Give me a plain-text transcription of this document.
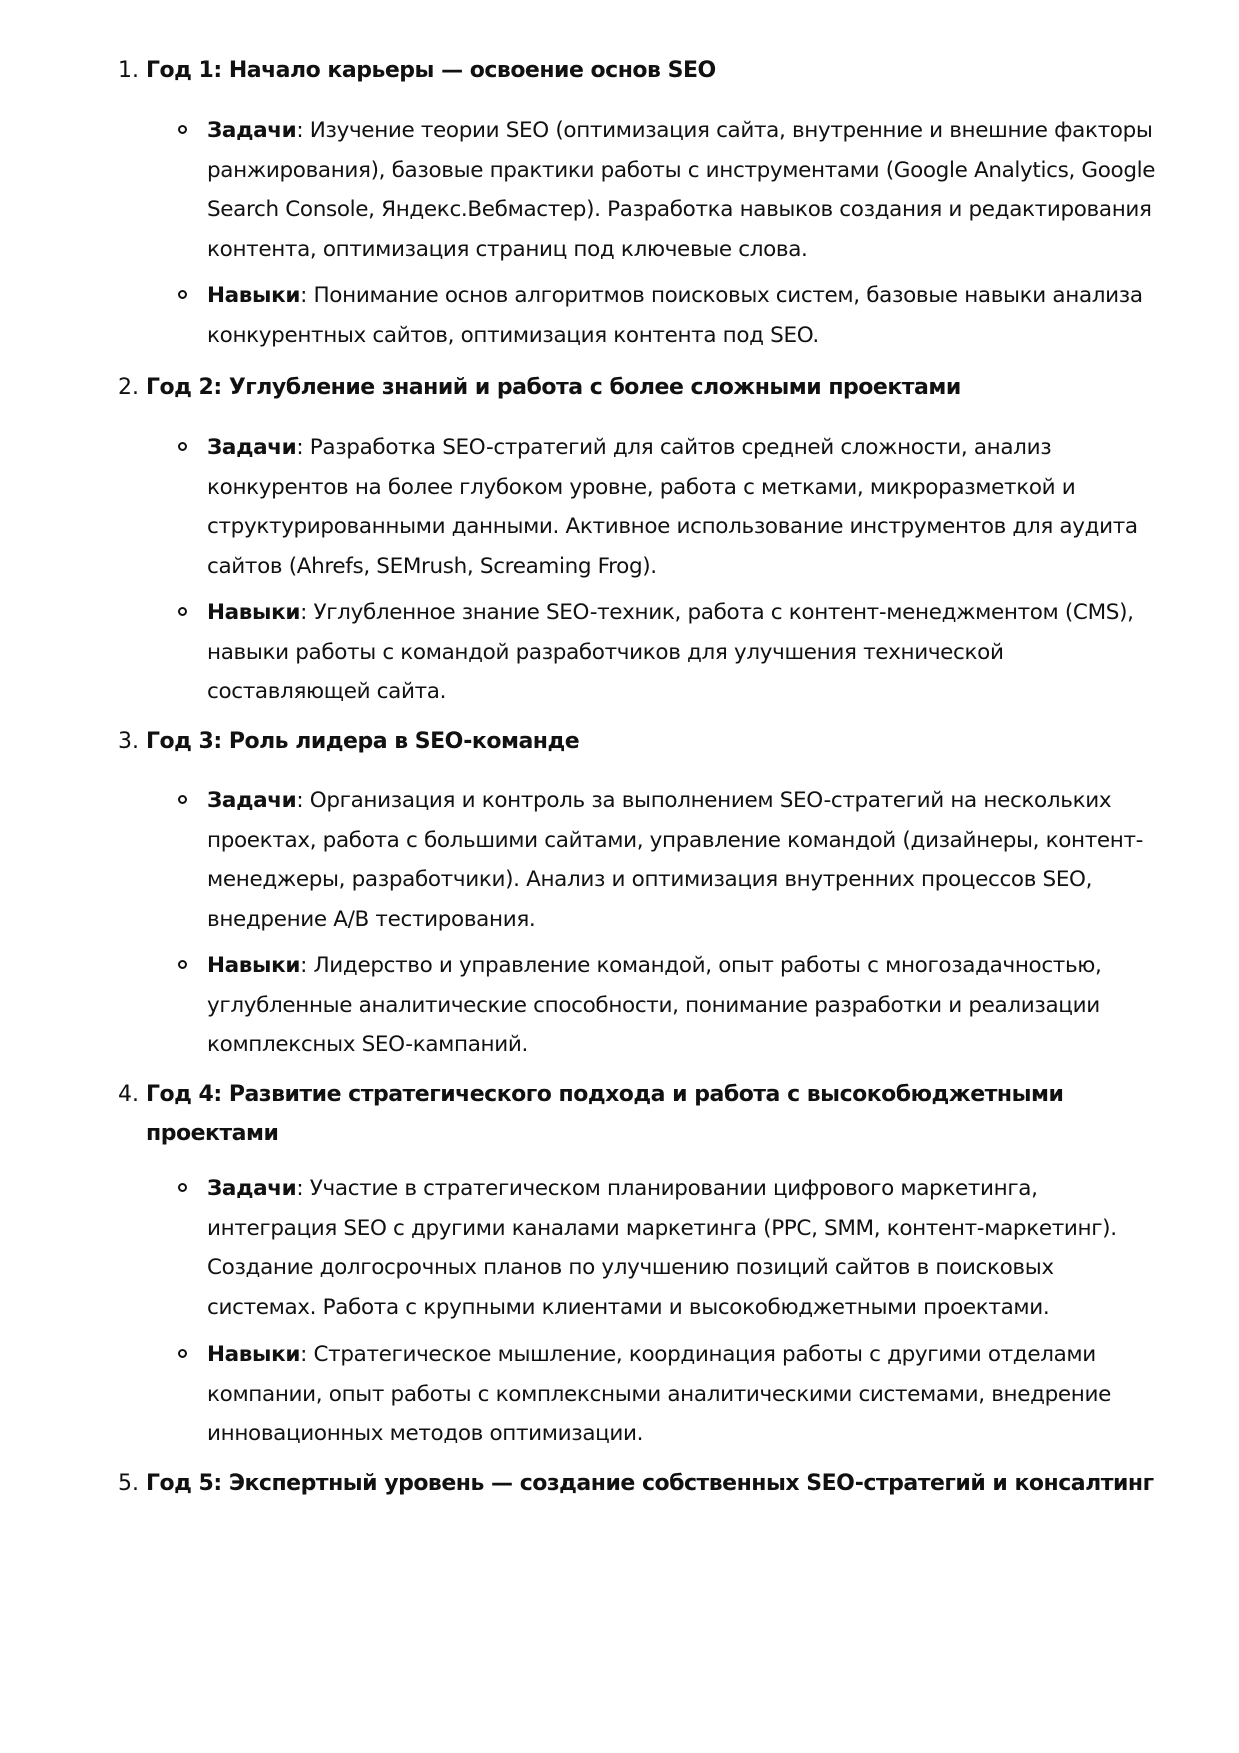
1. Год 1: Начало карьеры — освоение основ SEO
Задачи: Изучение теории SEO (оптимизация сайта, внутренние и внешние факторы ранжирования), базовые практики работы с инструментами (Google Analytics, Google Search Console, Яндекс.Вебмастер). Разработка навыков создания и редактирования контента, оптимизация страниц под ключевые слова.
Навыки: Понимание основ алгоритмов поисковых систем, базовые навыки анализа конкурентных сайтов, оптимизация контента под SEO.
2. Год 2: Углубление знаний и работа с более сложными проектами
Задачи: Разработка SEO-стратегий для сайтов средней сложности, анализ конкурентов на более глубоком уровне, работа с метками, микроразметкой и структурированными данными. Активное использование инструментов для аудита сайтов (Ahrefs, SEMrush, Screaming Frog).
Навыки: Углубленное знание SEO-техник, работа с контент-менеджментом (CMS), навыки работы с командой разработчиков для улучшения технической составляющей сайта.
3. Год 3: Роль лидера в SEO-команде
Задачи: Организация и контроль за выполнением SEO-стратегий на нескольких проектах, работа с большими сайтами, управление командой (дизайнеры, контент-менеджеры, разработчики). Анализ и оптимизация внутренних процессов SEO, внедрение A/B тестирования.
Навыки: Лидерство и управление командой, опыт работы с многозадачностью, углубленные аналитические способности, понимание разработки и реализации комплексных SEO-кампаний.
4. Год 4: Развитие стратегического подхода и работа с высокобюджетными проектами
Задачи: Участие в стратегическом планировании цифрового маркетинга, интеграция SEO с другими каналами маркетинга (PPC, SMM, контент-маркетинг). Создание долгосрочных планов по улучшению позиций сайтов в поисковых системах. Работа с крупными клиентами и высокобюджетными проектами.
Навыки: Стратегическое мышление, координация работы с другими отделами компании, опыт работы с комплексными аналитическими системами, внедрение инновационных методов оптимизации.
5. Год 5: Экспертный уровень — создание собственных SEO-стратегий и консалтинг
